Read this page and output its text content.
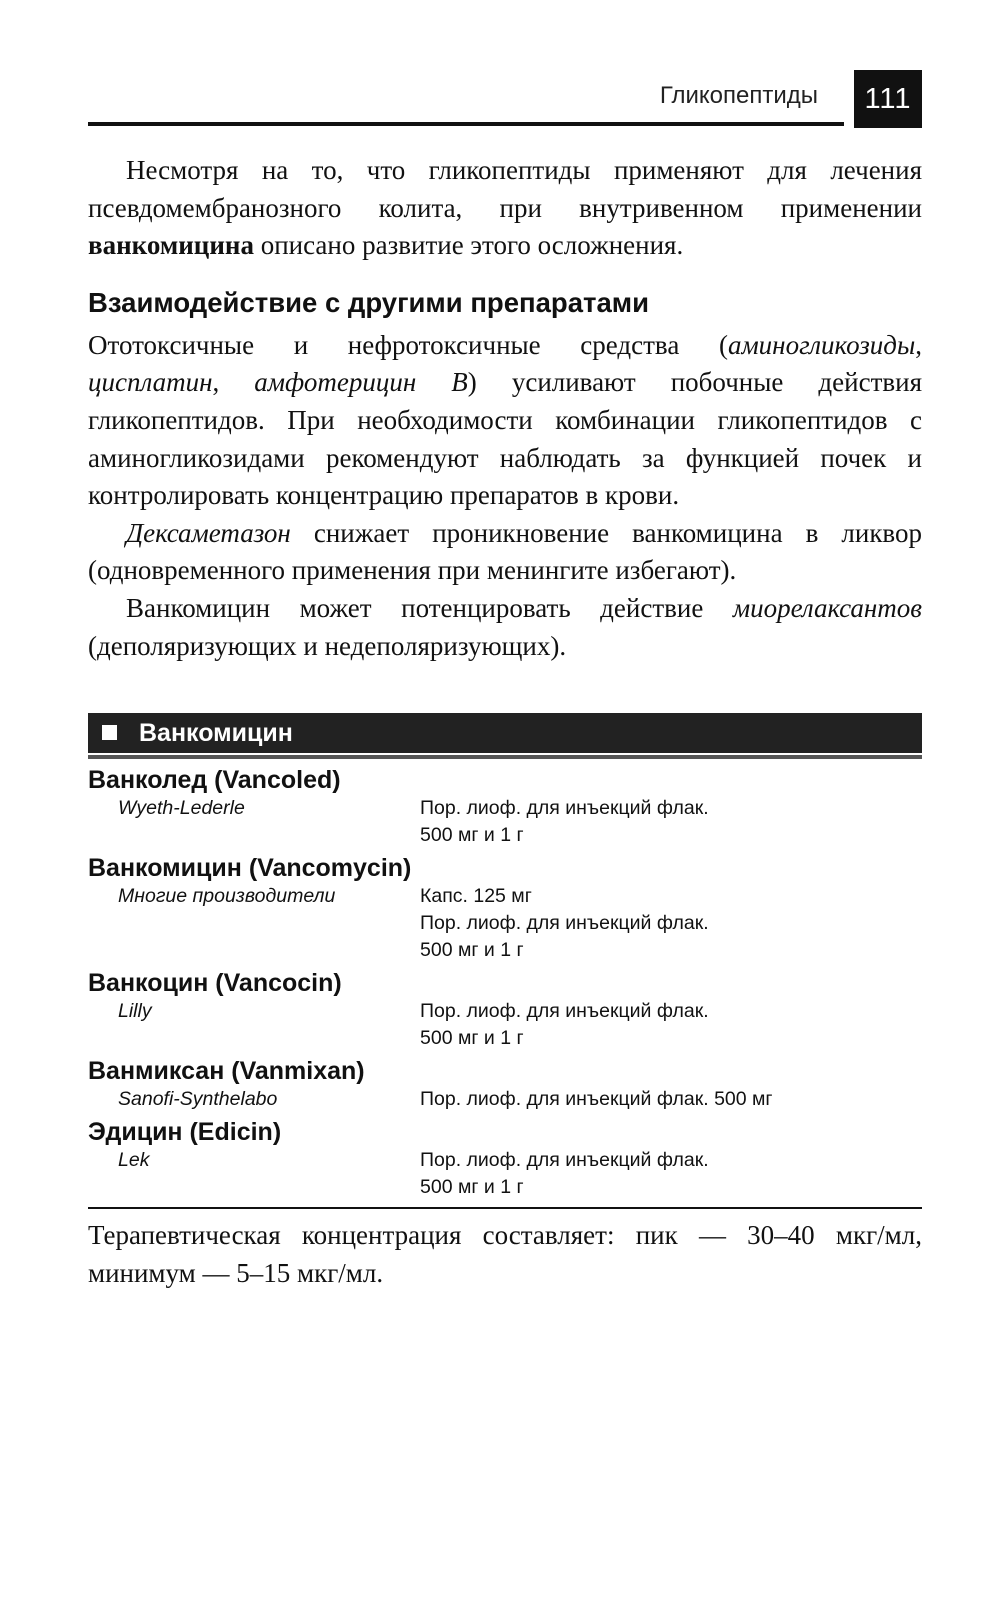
Гликопептиды	111

Несмотря на то, что гликопептиды применяют для лечения псевдомембранозного колита, при внутривенном применении ванкомицина описано развитие этого осложнения.

Взаимодействие с другими препаратами

Ототоксичные и нефротоксичные средства (аминогликозиды, цисплатин, амфотерицин B) усиливают побочные действия гликопептидов. При необходимости комбинации гликопептидов с аминогликозидами рекомендуют наблюдать за функцией почек и контролировать концентрацию препаратов в крови.

Дексаметазон снижает проникновение ванкомицина в ликвор (одновременного применения при менингите избегают).

Ванкомицин может потенцировать действие миорелаксантов (деполяризующих и недеполяризующих).

Ванкомицин
Ванколед (Vancoled)
Wyeth-Lederle	Пор. лиоф. для инъекций флак.
500 мг и 1 г
Ванкомицин (Vancomycin)
Многие производители	Капс. 125 мг
Пор. лиоф. для инъекций флак.
500 мг и 1 г
Ванкоцин (Vancocin)
Lilly	Пор. лиоф. для инъекций флак.
500 мг и 1 г
Ванмиксан (Vanmixan)
Sanofi-Synthelabo	Пор. лиоф. для инъекций флак. 500 мг
Эдицин (Edicin)
Lek	Пор. лиоф. для инъекций флак.
500 мг и 1 г

Терапевтическая концентрация составляет: пик — 30–40 мкг/мл, минимум — 5–15 мкг/мл.
